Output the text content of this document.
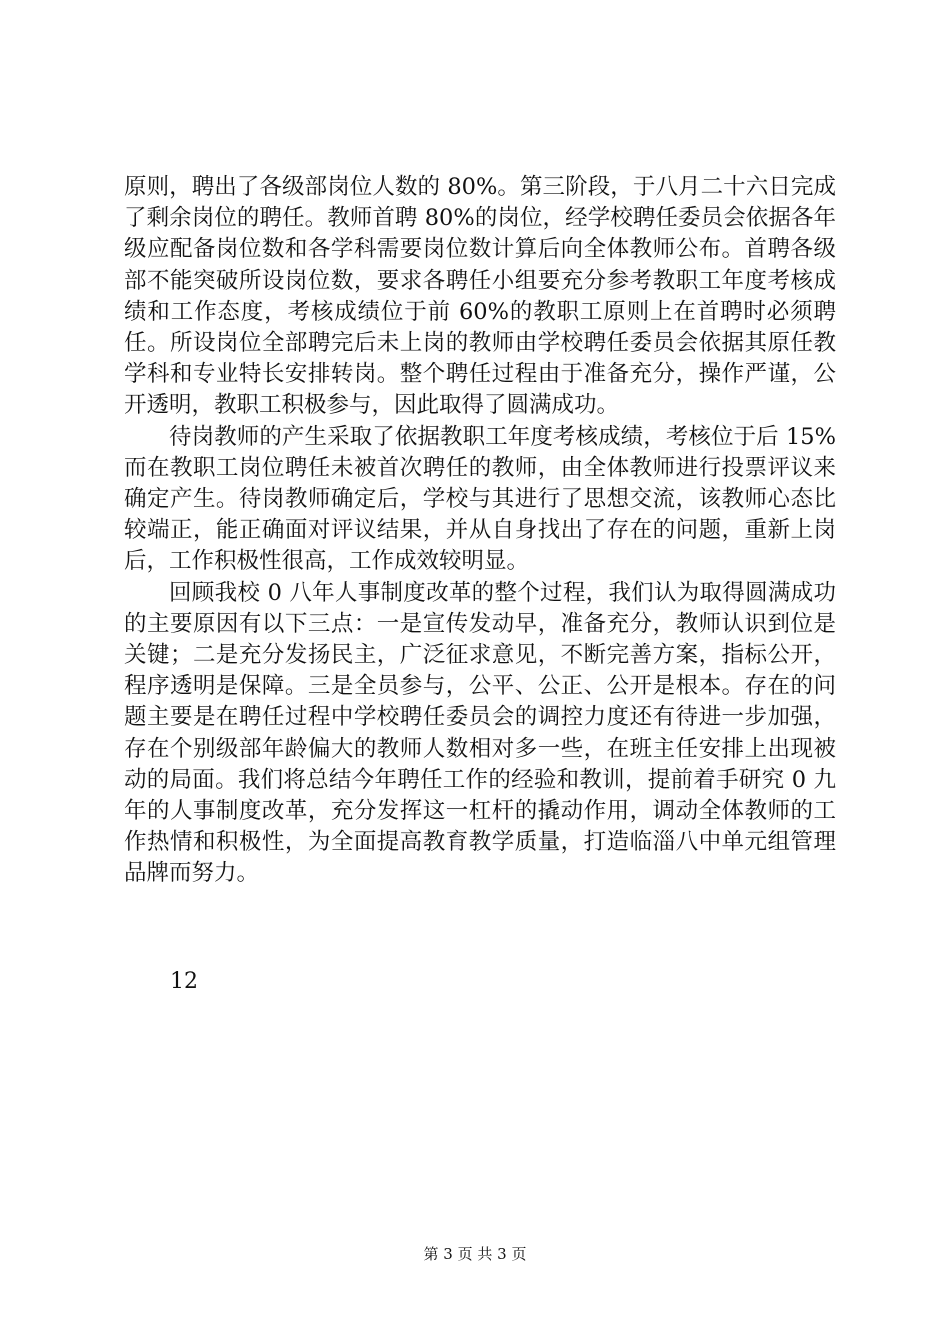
原则，聘出了各级部岗位人数的 80%。第三阶段，于八月二十六日完成了剩余岗位的聘任。教师首聘 80%的岗位，经学校聘任委员会依据各年级应配备岗位数和各学科需要岗位数计算后向全体教师公布。首聘各级部不能突破所设岗位数，要求各聘任小组要充分参考教职工年度考核成绩和工作态度，考核成绩位于前 60%的教职工原则上在首聘时必须聘任。所设岗位全部聘完后未上岗的教师由学校聘任委员会依据其原任教学科和专业特长安排转岗。整个聘任过程由于准备充分，操作严谨，公开透明，教职工积极参与，因此取得了圆满成功。

待岗教师的产生采取了依据教职工年度考核成绩，考核位于后 15%而在教职工岗位聘任未被首次聘任的教师，由全体教师进行投票评议来确定产生。待岗教师确定后，学校与其进行了思想交流，该教师心态比较端正，能正确面对评议结果，并从自身找出了存在的问题，重新上岗后，工作积极性很高，工作成效较明显。

回顾我校 0 八年人事制度改革的整个过程，我们认为取得圆满成功的主要原因有以下三点：一是宣传发动早，准备充分，教师认识到位是关键；二是充分发扬民主，广泛征求意见，不断完善方案，指标公开，程序透明是保障。三是全员参与，公平、公正、公开是根本。存在的问题主要是在聘任过程中学校聘任委员会的调控力度还有待进一步加强，存在个别级部年龄偏大的教师人数相对多一些，在班主任安排上出现被动的局面。我们将总结今年聘任工作的经验和教训，提前着手研究 0 九年的人事制度改革，充分发挥这一杠杆的撬动作用，调动全体教师的工作热情和积极性，为全面提高教育教学质量，打造临淄八中单元组管理品牌而努力。

12
第 3 页 共 3 页
